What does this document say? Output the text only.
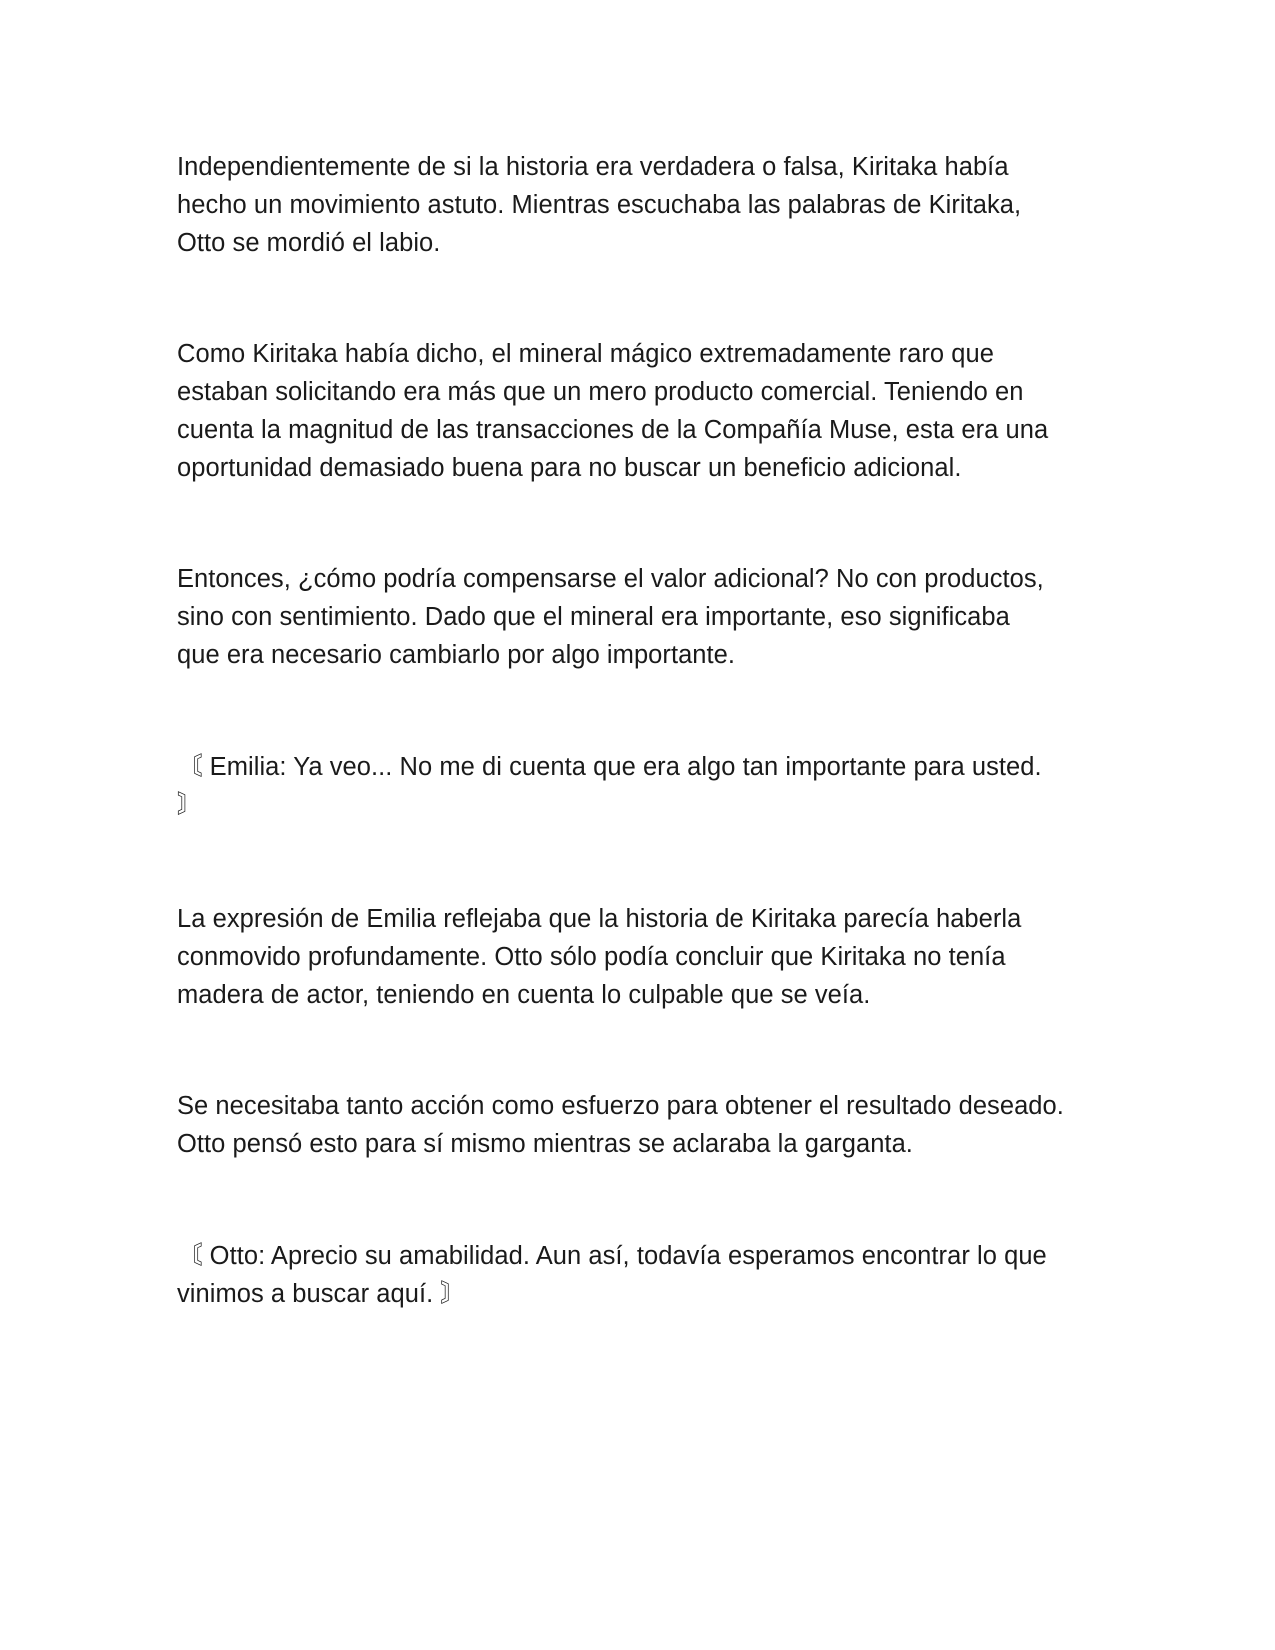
Independientemente de si la historia era verdadera o falsa, Kiritaka había
hecho un movimiento astuto. Mientras escuchaba las palabras de Kiritaka,
Otto se mordió el labio.

Como Kiritaka había dicho, el mineral mágico extremadamente raro que
estaban solicitando era más que un mero producto comercial. Teniendo en
cuenta la magnitud de las transacciones de la Compañía Muse, esta era una
oportunidad demasiado buena para no buscar un beneficio adicional.

Entonces, ¿cómo podría compensarse el valor adicional? No con productos,
sino con sentimiento. Dado que el mineral era importante, eso significaba
que era necesario cambiarlo por algo importante.

〘 Emilia: Ya veo... No me di cuenta que era algo tan importante para usted.
〙

La expresión de Emilia reflejaba que la historia de Kiritaka parecía haberla
conmovido profundamente. Otto sólo podía concluir que Kiritaka no tenía
madera de actor, teniendo en cuenta lo culpable que se veía.

Se necesitaba tanto acción como esfuerzo para obtener el resultado deseado.
Otto pensó esto para sí mismo mientras se aclaraba la garganta.

〘 Otto: Aprecio su amabilidad. Aun así, todavía esperamos encontrar lo que
vinimos a buscar aquí. 〙
